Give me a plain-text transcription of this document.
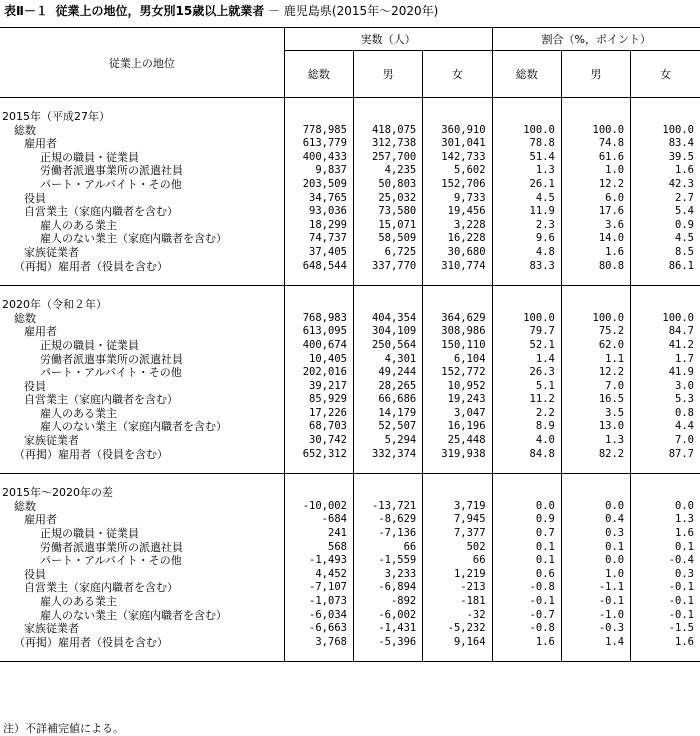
表Ⅱ－１ 従業上の地位，男女別15歳以上就業者 － 鹿児島県(2015年～2020年)
従業上の地位	実数（人）			割合（%，ポイント）		
	総数	男	女	総数	男	女

2015年（平成27年）						
総数	778,985	418,075	360,910	100.0	100.0	100.0
雇用者	613,779	312,738	301,041	78.8	74.8	83.4
正規の職員・従業員	400,433	257,700	142,733	51.4	61.6	39.5
労働者派遣事業所の派遣社員	9,837	4,235	5,602	1.3	1.0	1.6
パート・アルバイト・その他	203,509	50,803	152,706	26.1	12.2	42.3
役員	34,765	25,032	9,733	4.5	6.0	2.7
自営業主（家庭内職者を含む）	93,036	73,580	19,456	11.9	17.6	5.4
雇人のある業主	18,299	15,071	3,228	2.3	3.6	0.9
雇人のない業主（家庭内職者を含む）	74,737	58,509	16,228	9.6	14.0	4.5
家族従業者	37,405	6,725	30,680	4.8	1.6	8.5
（再掲）雇用者（役員を含む）	648,544	337,770	310,774	83.3	80.8	86.1

2020年（令和２年）						
総数	768,983	404,354	364,629	100.0	100.0	100.0
雇用者	613,095	304,109	308,986	79.7	75.2	84.7
正規の職員・従業員	400,674	250,564	150,110	52.1	62.0	41.2
労働者派遣事業所の派遣社員	10,405	4,301	6,104	1.4	1.1	1.7
パート・アルバイト・その他	202,016	49,244	152,772	26.3	12.2	41.9
役員	39,217	28,265	10,952	5.1	7.0	3.0
自営業主（家庭内職者を含む）	85,929	66,686	19,243	11.2	16.5	5.3
雇人のある業主	17,226	14,179	3,047	2.2	3.5	0.8
雇人のない業主（家庭内職者を含む）	68,703	52,507	16,196	8.9	13.0	4.4
家族従業者	30,742	5,294	25,448	4.0	1.3	7.0
（再掲）雇用者（役員を含む）	652,312	332,374	319,938	84.8	82.2	87.7

2015年～2020年の差						
総数	-10,002	-13,721	3,719	0.0	0.0	0.0
雇用者	-684	-8,629	7,945	0.9	0.4	1.3
正規の職員・従業員	241	-7,136	7,377	0.7	0.3	1.6
労働者派遣事業所の派遣社員	568	66	502	0.1	0.1	0.1
パート・アルバイト・その他	-1,493	-1,559	66	0.1	0.0	-0.4
役員	4,452	3,233	1,219	0.6	1.0	0.3
自営業主（家庭内職者を含む）	-7,107	-6,894	-213	-0.8	-1.1	-0.1
雇人のある業主	-1,073	-892	-181	-0.1	-0.1	-0.1
雇人のない業主（家庭内職者を含む）	-6,034	-6,002	-32	-0.7	-1.0	-0.1
家族従業者	-6,663	-1,431	-5,232	-0.8	-0.3	-1.5
（再掲）雇用者（役員を含む）	3,768	-5,396	9,164	1.6	1.4	1.6

注）不詳補完値による。
